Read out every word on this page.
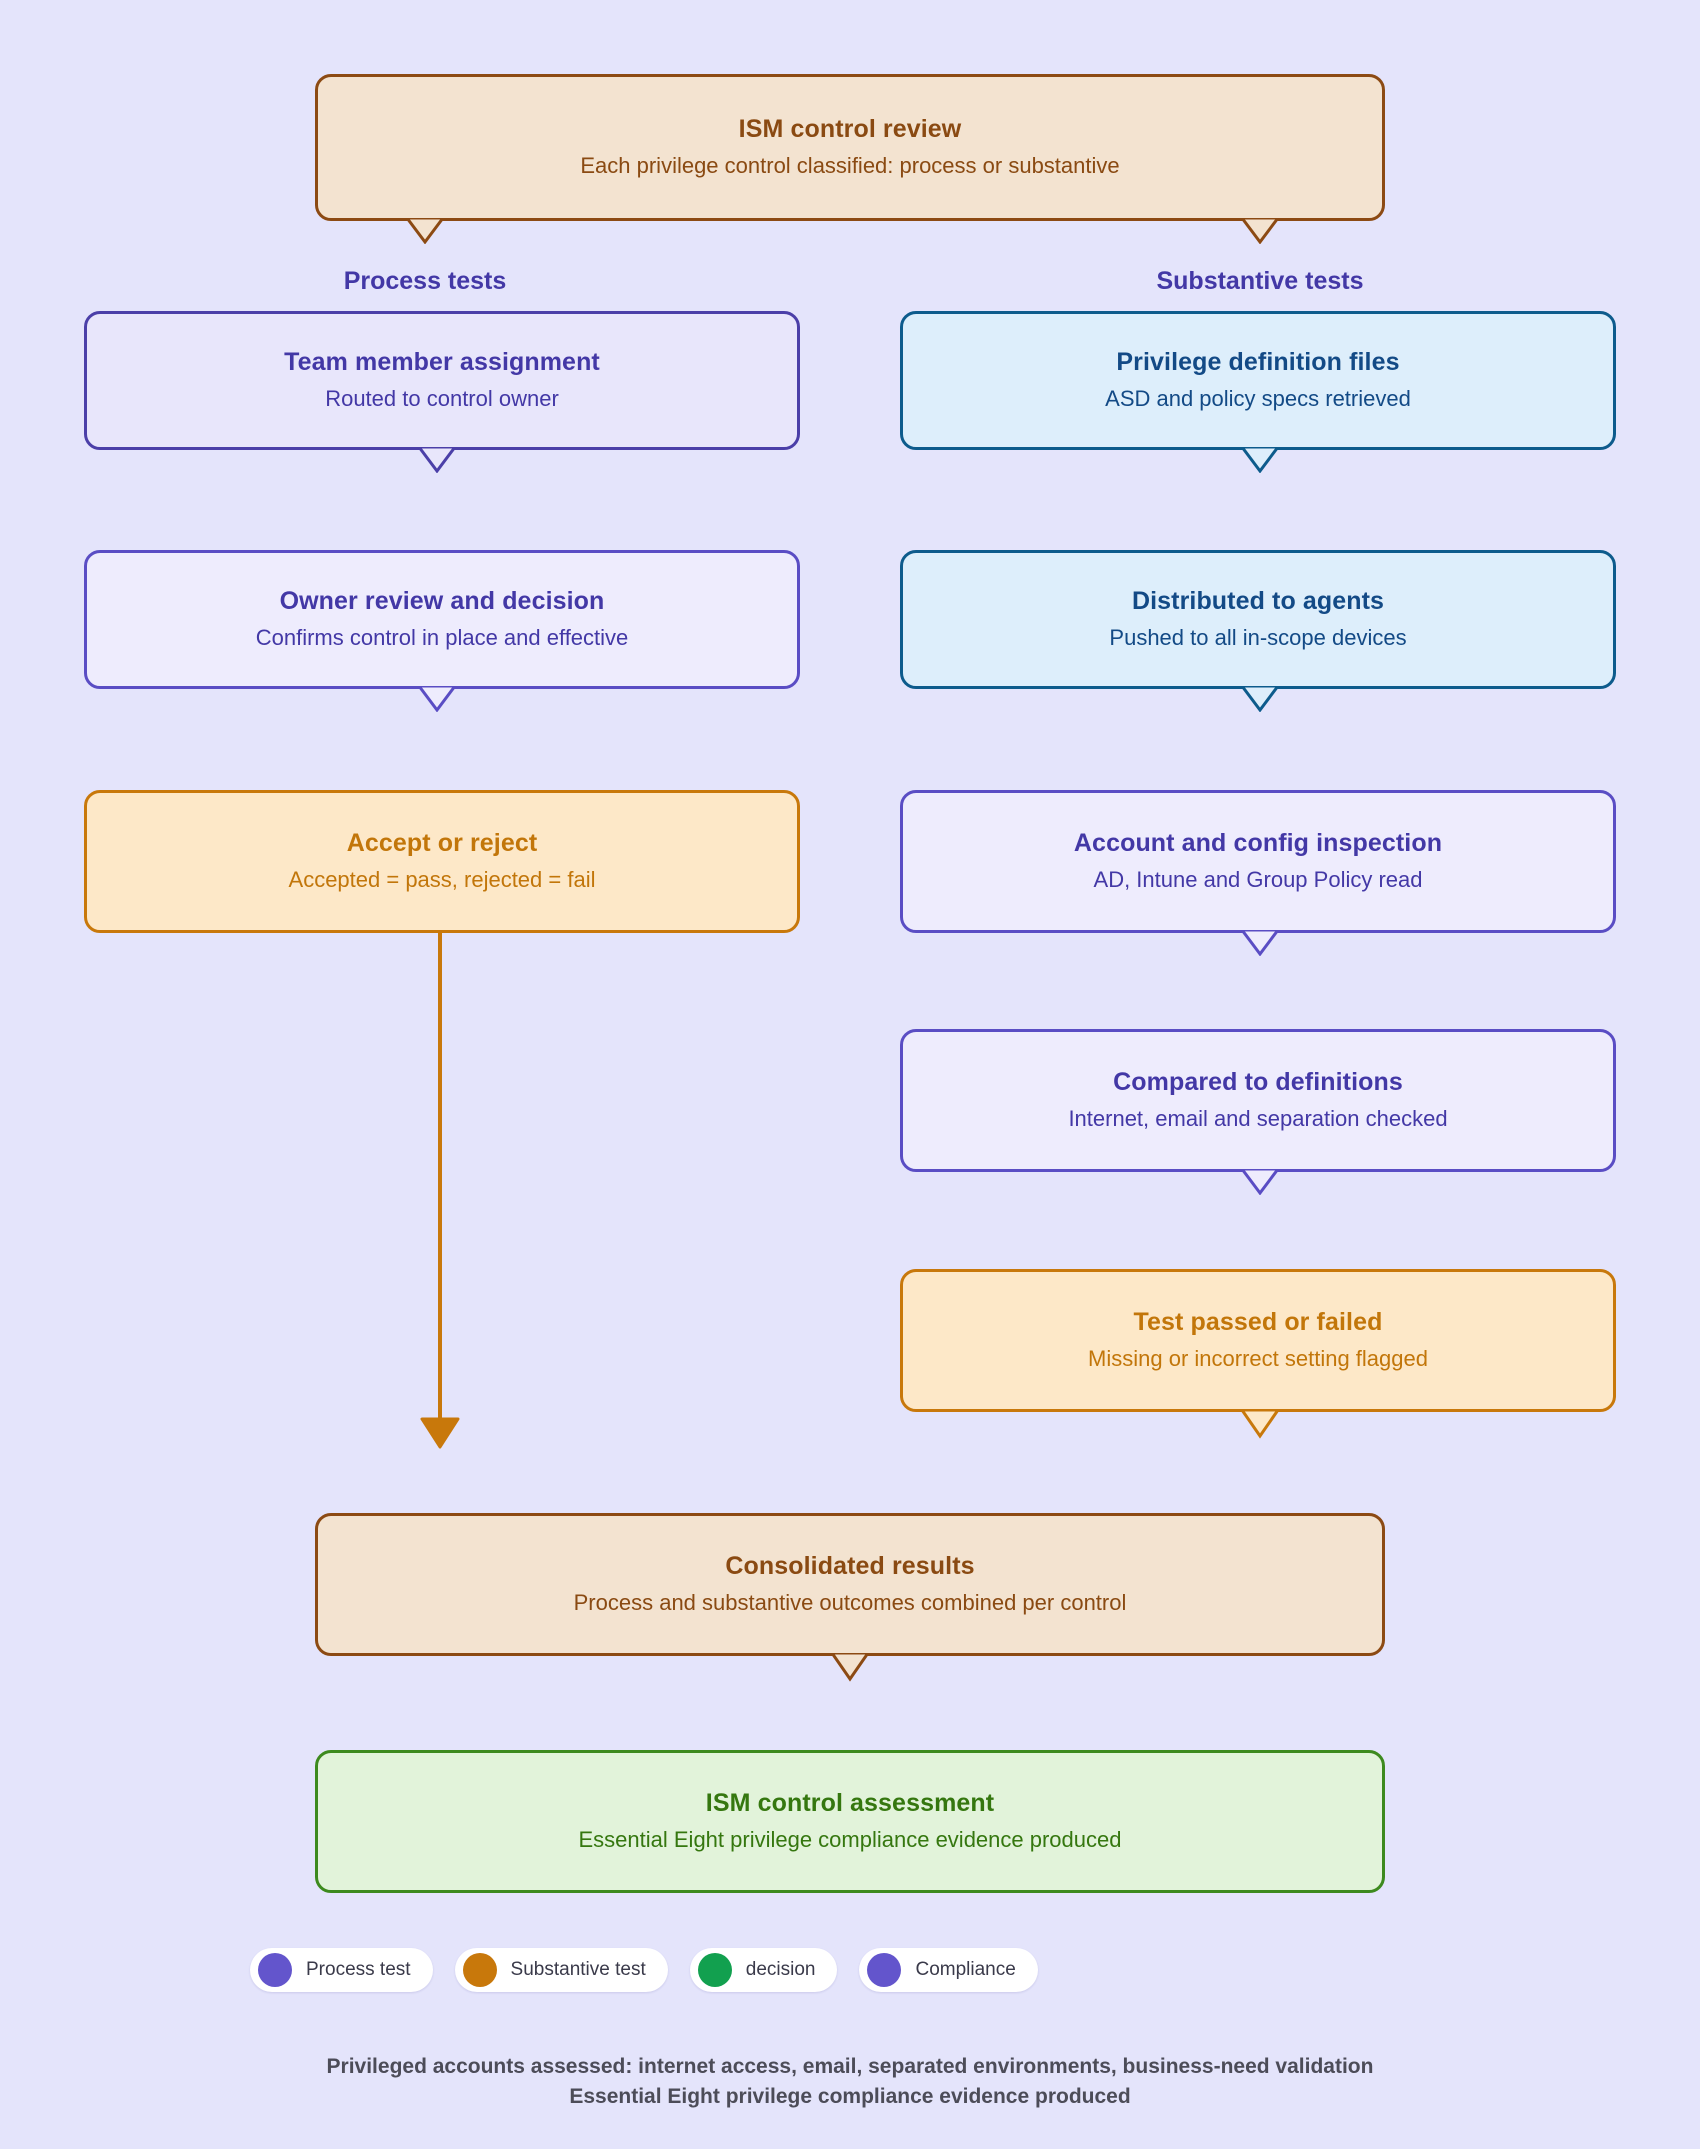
ISM control review
Each privilege control classified: process or substantive
Process tests	Substantive tests
Team member assignment
Routed to control owner
Owner review and decision
Confirms control in place and effective
Accept or reject
Accepted = pass, rejected = fail
Privilege definition files
ASD and policy specs retrieved
Distributed to agents
Pushed to all in-scope devices
Account and config inspection
AD, Intune and Group Policy read
Compared to definitions
Internet, email and separation checked
Test passed or failed
Missing or incorrect setting flagged
Consolidated results
Process and substantive outcomes combined per control
ISM control assessment
Essential Eight privilege compliance evidence produced
Process test	Substantive test	decision	Compliance
Privileged accounts assessed: internet access, email, separated environments, business-need validation
Essential Eight privilege compliance evidence produced
